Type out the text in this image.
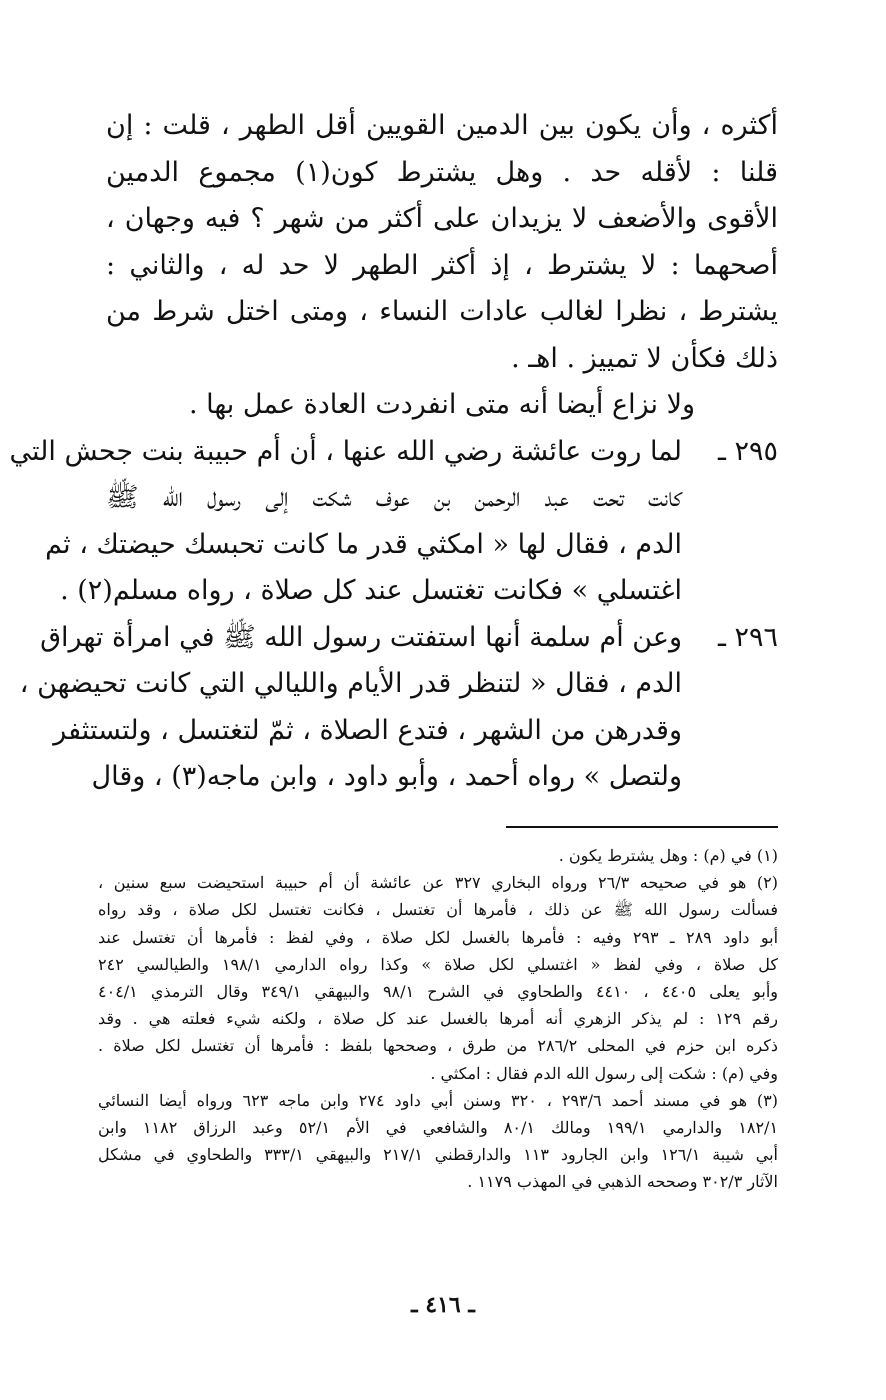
أكثره ، وأن يكون بين الدمين القويين أقل الطهر ، قلت : إن
قلنا : لأقله حد . وهل يشترط كون(١) مجموع الدمين
الأقوى والأضعف لا يزيدان على أكثر من شهر ؟ فيه وجهان ،
أصحهما : لا يشترط ، إذ أكثر الطهر لا حد له ، والثاني :
يشترط ، نظرا لغالب عادات النساء ، ومتى اختل شرط من
ذلك فكأن لا تمييز . اهـ .
ولا نزاع أيضا أنه متى انفردت العادة عمل بها .
٢٩٥ ـ
لما روت عائشة رضي الله عنها ، أن أم حبيبة بنت جحش التي
كانت تحت عبد الرحمن بن عوف شكت إلى رسول الله ﷺ
الدم ، فقال لها « امكثي قدر ما كانت تحبسك حيضتك ، ثم
اغتسلي » فكانت تغتسل عند كل صلاة ، رواه مسلم(٢) .
٢٩٦ ـ
وعن أم سلمة أنها استفتت رسول الله ﷺ في امرأة تهراق
الدم ، فقال « لتنظر قدر الأيام والليالي التي كانت تحيضهن ،
وقدرهن من الشهر ، فتدع الصلاة ، ثمّ لتغتسل ، ولتستثفر
ولتصل » رواه أحمد ، وأبو داود ، وابن ماجه(٣) ، وقال
(١) في (م) : وهل يشترط يكون .
(٢) هو في صحيحه ٢٦/٣ ورواه البخاري ٣٢٧ عن عائشة أن أم حبيبة استحيضت سبع سنين ،
فسألت رسول الله ﷺ عن ذلك ، فأمرها أن تغتسل ، فكانت تغتسل لكل صلاة ، وقد رواه
أبو داود ٢٨٩ ـ ٢٩٣ وفيه : فأمرها بالغسل لكل صلاة ، وفي لفظ : فأمرها أن تغتسل عند
كل صلاة ، وفي لفظ « اغتسلي لكل صلاة » وكذا رواه الدارمي ١٩٨/١ والطيالسي ٢٤٢
وأبو يعلى ٤٤٠٥ ، ٤٤١٠ والطحاوي في الشرح ٩٨/١ والبيهقي ٣٤٩/١ وقال الترمذي ٤٠٤/١
رقم ١٢٩ : لم يذكر الزهري أنه أمرها بالغسل عند كل صلاة ، ولكنه شيء فعلته هي . وقد
ذكره ابن حزم في المحلى ٢٨٦/٢ من طرق ، وصححها بلفظ : فأمرها أن تغتسل لكل صلاة .
وفي (م) : شكت إلى رسول الله الدم فقال : امكثي .
(٣) هو في مسند أحمد ٢٩٣/٦ ، ٣٢٠ وسنن أبي داود ٢٧٤ وابن ماجه ٦٢٣ ورواه أيضا النسائي
١٨٢/١ والدارمي ١٩٩/١ ومالك ٨٠/١ والشافعي في الأم ٥٢/١ وعبد الرزاق ١١٨٢ وابن
أبي شيبة ١٢٦/١ وابن الجارود ١١٣ والدارقطني ٢١٧/١ والبيهقي ٣٣٣/١ والطحاوي في مشكل
الآثار ٣٠٢/٣ وصححه الذهبي في المهذب ١١٧٩ .
ـ ٤١٦ ـ
